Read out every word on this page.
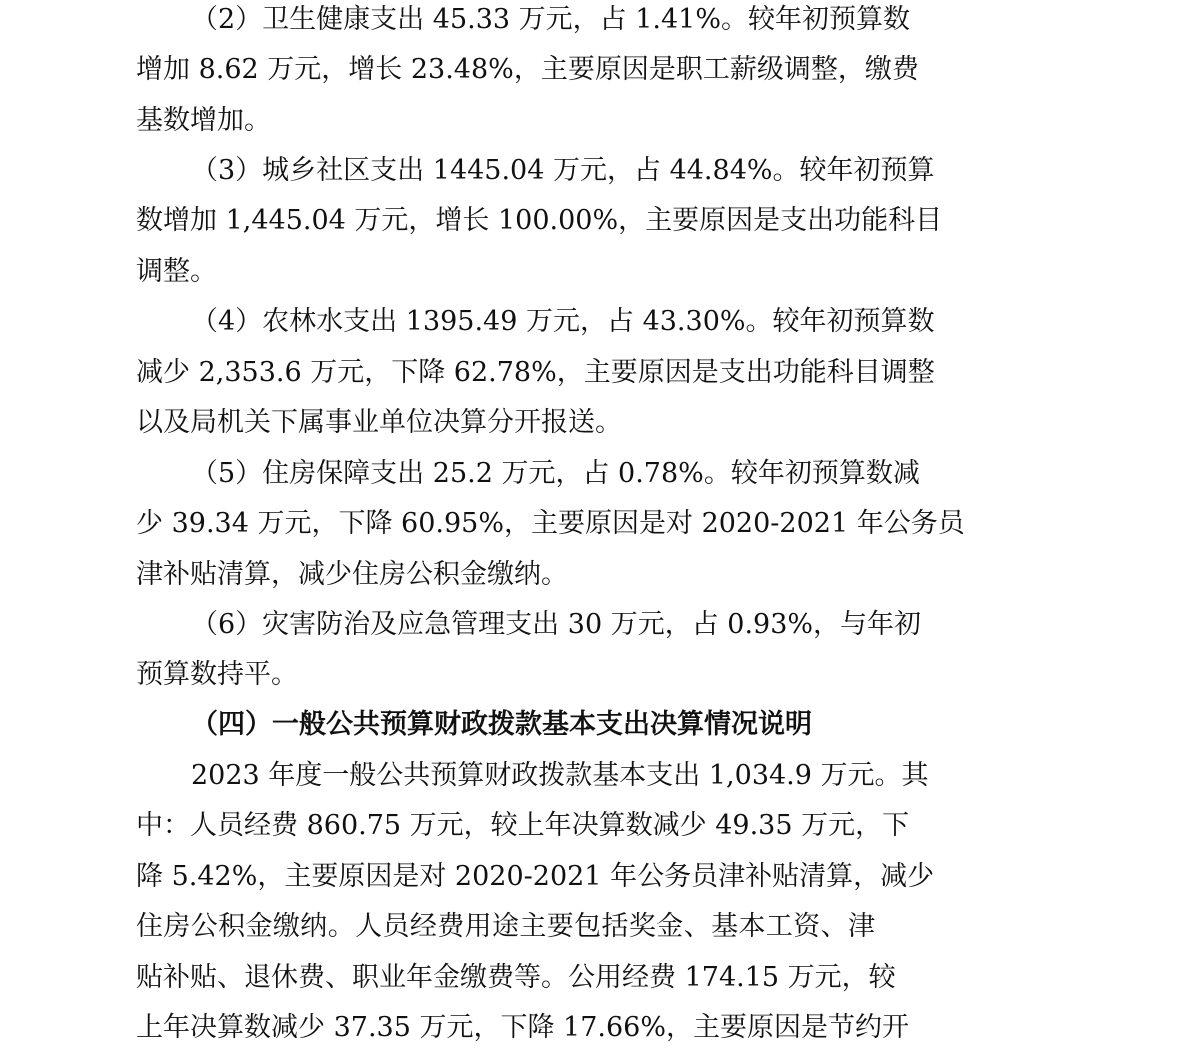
（2）卫生健康支出 45.33 万元，占 1.41%。较年初预算数
增加 8.62 万元，增长 23.48%，主要原因是职工薪级调整，缴费
基数增加。
（3）城乡社区支出 1445.04 万元，占 44.84%。较年初预算
数增加 1,445.04 万元，增长 100.00%，主要原因是支出功能科目
调整。
（4）农林水支出 1395.49 万元，占 43.30%。较年初预算数
减少 2,353.6 万元，下降 62.78%，主要原因是支出功能科目调整
以及局机关下属事业单位决算分开报送。
（5）住房保障支出 25.2 万元，占 0.78%。较年初预算数减
少 39.34 万元，下降 60.95%，主要原因是对 2020-2021 年公务员
津补贴清算，减少住房公积金缴纳。
（6）灾害防治及应急管理支出 30 万元，占 0.93%，与年初
预算数持平。
（四）一般公共预算财政拨款基本支出决算情况说明
2023 年度一般公共预算财政拨款基本支出 1,034.9 万元。其
中：人员经费 860.75 万元，较上年决算数减少 49.35 万元，下
降 5.42%，主要原因是对 2020-2021 年公务员津补贴清算，减少
住房公积金缴纳。人员经费用途主要包括奖金、基本工资、津
贴补贴、退休费、职业年金缴费等。公用经费 174.15 万元，较
上年决算数减少 37.35 万元，下降 17.66%，主要原因是节约开
